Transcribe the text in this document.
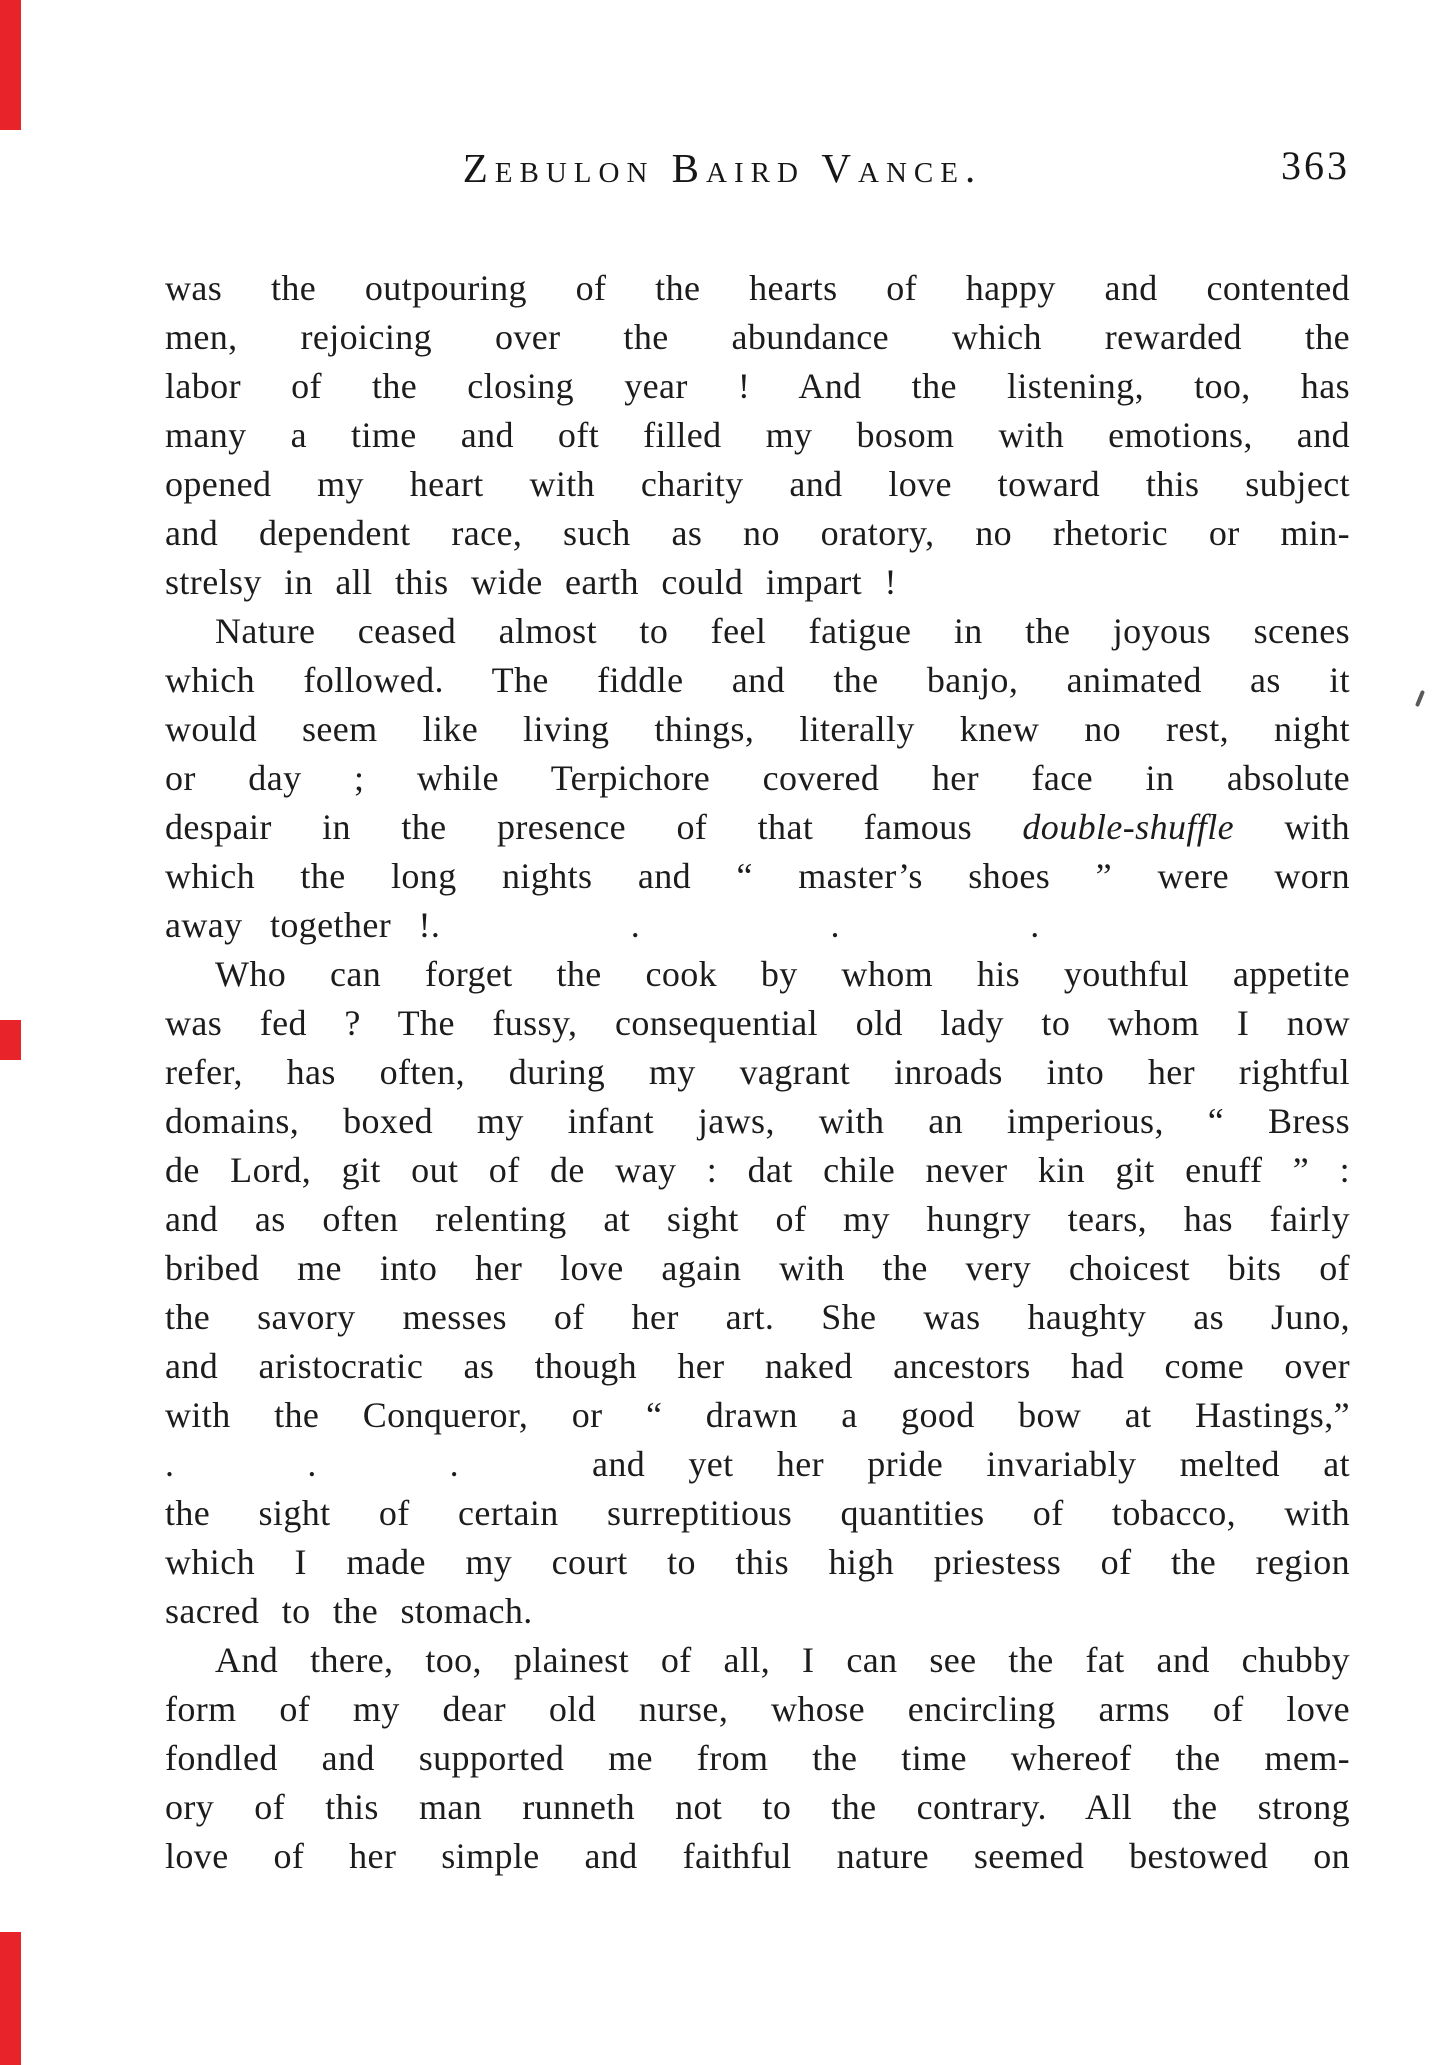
Zebulon Baird Vance.	363
was the outpouring of the hearts of happy and contented
men, rejoicing over the abundance which rewarded the
labor of the closing year ! And the listening, too, has
many a time and oft filled my bosom with emotions, and
opened my heart with charity and love toward this subject
and dependent race, such as no oratory, no rhetoric or min-
strelsy in all this wide earth could impart !
Nature ceased almost to feel fatigue in the joyous scenes
which followed. The fiddle and the banjo, animated as it
would seem like living things, literally knew no rest, night
or day ; while Terpichore covered her face in absolute
despair in the presence of that famous double-shuffle with
which the long nights and “ master’s shoes ” were worn
away together ! .	.	.	.
Who can forget the cook by whom his youthful appetite
was fed ? The fussy, consequential old lady to whom I now
refer, has often, during my vagrant inroads into her rightful
domains, boxed my infant jaws, with an imperious, “ Bress
de Lord, git out of de way : dat chile never kin git enuff ” :
and as often relenting at sight of my hungry tears, has fairly
bribed me into her love again with the very choicest bits of
the savory messes of her art. She was haughty as Juno,
and aristocratic as though her naked ancestors had come over
with the Conqueror, or “ drawn a good bow at Hastings,”
.	.	.	and yet her pride invariably melted at
the sight of certain surreptitious quantities of tobacco, with
which I made my court to this high priestess of the region
sacred to the stomach.
And there, too, plainest of all, I can see the fat and chubby
form of my dear old nurse, whose encircling arms of love
fondled and supported me from the time whereof the mem-
ory of this man runneth not to the contrary. All the strong
love of her simple and faithful nature seemed bestowed on
